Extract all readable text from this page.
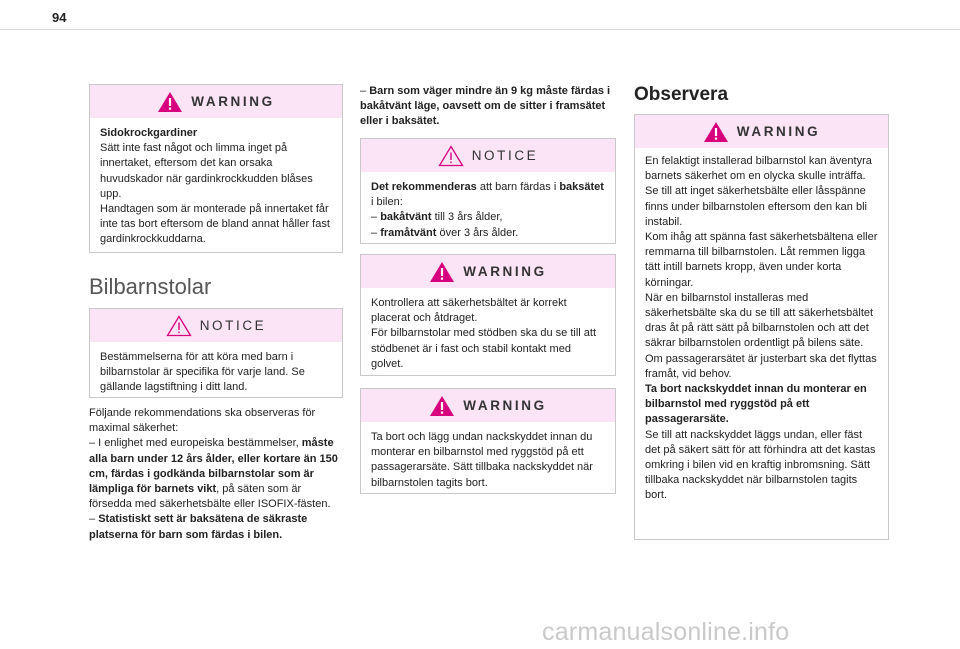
94
WARNING

Sidokrockgardiner

Sätt inte fast något och limma inget på innertaket, eftersom det kan orsaka huvudskador när gardinkrockkudden blåses upp.

Handtagen som är monterade på innertaket får inte tas bort eftersom de bland annat håller fast gardinkrockkuddarna.

Bilbarnstolar
NOTICE

Bestämmelserna för att köra med barn i bilbarnstolar är specifika för varje land. Se gällande lagstiftning i ditt land.

Följande rekommendations ska observeras för maximal säkerhet:

– I enlighet med europeiska bestämmelser, måste alla barn under 12 års ålder, eller kortare än 150 cm, färdas i godkända bilbarnstolar som är lämpliga för barnets vikt, på säten som är försedda med säkerhetsbälte eller ISOFIX-fästen.

– Statistiskt sett är baksätena de säkraste platserna för barn som färdas i bilen.

– Barn som väger mindre än 9 kg måste färdas i bakåtvänt läge, oavsett om de sitter i framsätet eller i baksätet.

NOTICE

Det rekommenderas att barn färdas i baksätet i bilen:

– bakåtvänt till 3 års ålder,

– framåtvänt över 3 års ålder.

WARNING

Kontrollera att säkerhetsbältet är korrekt placerat och åtdraget.

För bilbarnstolar med stödben ska du se till att stödbenet är i fast och stabil kontakt med golvet.

WARNING

Ta bort och lägg undan nackskyddet innan du monterar en bilbarnstol med ryggstöd på ett passagerarsäte. Sätt tillbaka nackskyddet när bilbarnstolen tagits bort.

Observera
WARNING

En felaktigt installerad bilbarnstol kan äventyra barnets säkerhet om en olycka skulle inträffa.

Se till att inget säkerhetsbälte eller låsspänne finns under bilbarnstolen eftersom den kan bli instabil.

Kom ihåg att spänna fast säkerhetsbältena eller remmarna till bilbarnstolen. Låt remmen ligga tätt intill barnets kropp, även under korta körningar.

När en bilbarnstol installeras med säkerhetsbälte ska du se till att säkerhetsbältet dras åt på rätt sätt på bilbarnstolen och att det säkrar bilbarnstolen ordentligt på bilens säte. Om passagerarsätet är justerbart ska det flyttas framåt, vid behov.

Ta bort nackskyddet innan du monterar en bilbarnstol med ryggstöd på ett passagerarsäte.

Se till att nackskyddet läggs undan, eller fäst det på säkert sätt för att förhindra att det kastas omkring i bilen vid en kraftig inbromsning. Sätt tillbaka nackskyddet när bilbarnstolen tagits bort.

carmanualsonline.info
